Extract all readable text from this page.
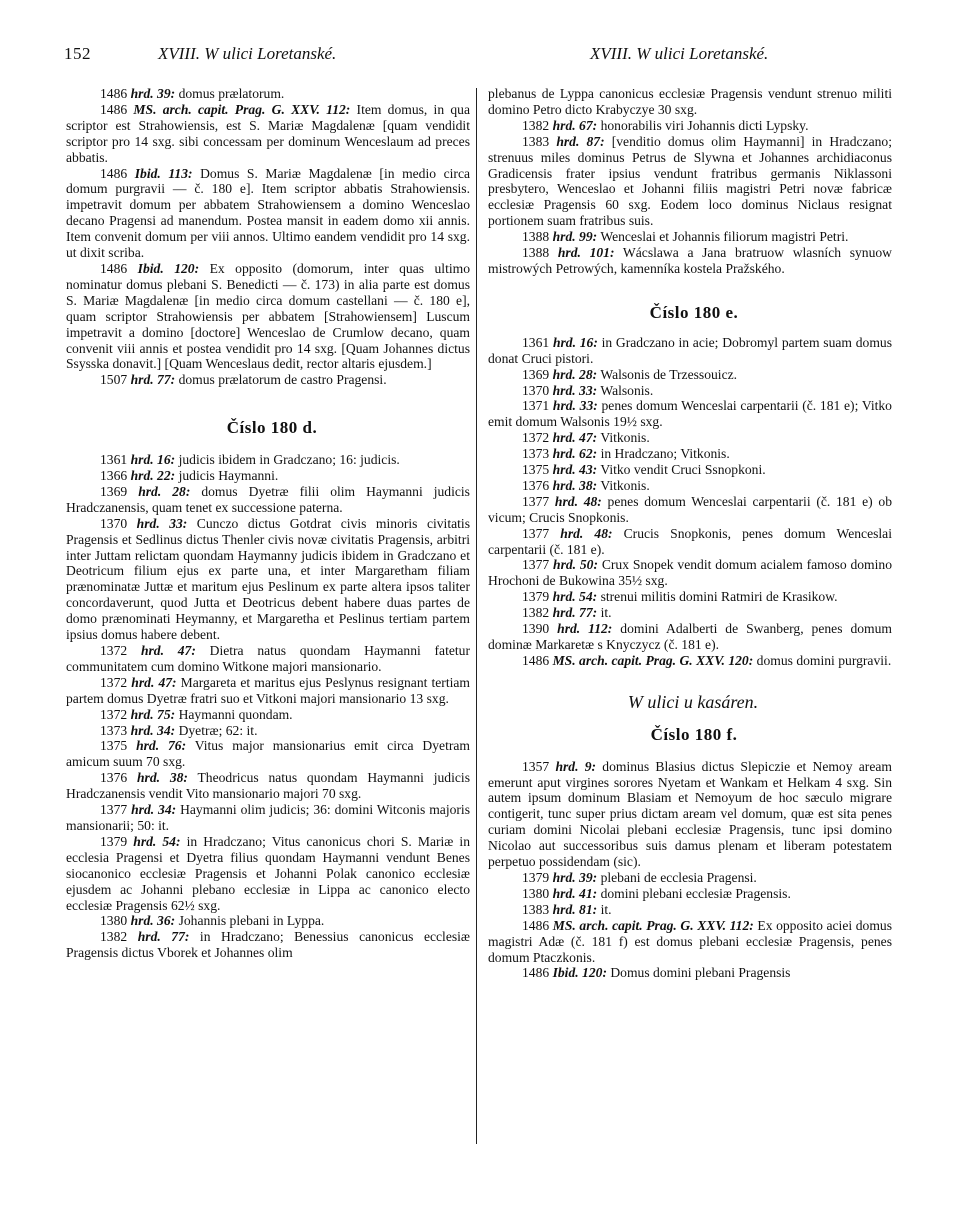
152	XVIII. W ulici Loretanské.	XVIII. W ulici Loretanské.

1486 hrd. 39: domus prælatorum.

1486 MS. arch. capit. Prag. G. XXV. 112: Item domus, in qua scriptor est Strahowiensis, est S. Mariæ Magdalenæ [quam vendidit scriptor pro 14 sxg. sibi concessam per dominum Wenceslaum ad preces abbatis.

1486 Ibid. 113: Domus S. Mariæ Magdalenæ [in medio circa domum purgravii — č. 180 e]. Item scriptor abbatis Strahowiensis. impetravit domum per abbatem Strahowiensem a domino Wenceslao decano Pragensi ad manendum. Postea mansit in eadem domo xii annis. Item convenit domum per viii annos. Ultimo eandem vendidit pro 14 sxg. ut dixit scriba.

1486 Ibid. 120: Ex opposito (domorum, inter quas ultimo nominatur domus plebani S. Benedicti — č. 173) in alia parte est domus S. Mariæ Magdalenæ [in medio circa domum castellani — č. 180 e], quam scriptor Strahowiensis per abbatem [Strahowiensem] Luscum impetravit a domino [doctore] Wenceslao de Crumlow decano, quam convenit viii annis et postea vendidit pro 14 sxg. [Quam Johannes dictus Ssysska donavit.] [Quam Wenceslaus dedit, rector altaris ejusdem.]

1507 hrd. 77: domus prælatorum de castro Pragensi.

Číslo 180 d.

1361 hrd. 16: judicis ibidem in Gradczano; 16: judicis.

1366 hrd. 22: judicis Haymanni.

1369 hrd. 28: domus Dyetræ filii olim Haymanni judicis Hradczanensis, quam tenet ex successione paterna.

1370 hrd. 33: Cunczo dictus Gotdrat civis minoris civitatis Pragensis et Sedlinus dictus Thenler civis novæ civitatis Pragensis, arbitri inter Juttam relictam quondam Haymanny judicis ibidem in Gradczano et Deotricum filium ejus ex parte una, et inter Margaretham filiam prænominatæ Juttæ et maritum ejus Peslinum ex parte altera ipsos taliter concordaverunt, quod Jutta et Deotricus debent habere duas partes de domo prænominati Heymanny, et Margaretha et Peslinus tertiam partem ipsius domus habere debent.

1372 hrd. 47: Dietra natus quondam Haymanni fatetur communitatem cum domino Witkone majori mansionario.

1372 hrd. 47: Margareta et maritus ejus Peslynus resignant tertiam partem domus Dyetræ fratri suo et Vitkoni majori mansionario 13 sxg.

1372 hrd. 75: Haymanni quondam.

1373 hrd. 34: Dyetræ; 62: it.

1375 hrd. 76: Vitus major mansionarius emit circa Dyetram amicum suum 70 sxg.

1376 hrd. 38: Theodricus natus quondam Haymanni judicis Hradczanensis vendit Vito mansionario majori 70 sxg.

1377 hrd. 34: Haymanni olim judicis; 36: domini Witconis majoris mansionarii; 50: it.

1379 hrd. 54: in Hradczano; Vitus canonicus chori S. Mariæ in ecclesia Pragensi et Dyetra filius quondam Haymanni vendunt Benes siocanonico ecclesiæ Pragensis et Johanni Polak canonico ecclesiæ ejusdem ac Johanni plebano ecclesiæ in Lippa ac canonico electo ecclesiæ Pragensis 62½ sxg.

1380 hrd. 36: Johannis plebani in Lyppa.

1382 hrd. 77: in Hradczano; Benessius canonicus ecclesiæ Pragensis dictus Vborek et Johannes olim

plebanus de Lyppa canonicus ecclesiæ Pragensis vendunt strenuo militi domino Petro dicto Krabyczye 30 sxg.

1382 hrd. 67: honorabilis viri Johannis dicti Lypsky.

1383 hrd. 87: [venditio domus olim Haymanni] in Hradczano; strenuus miles dominus Petrus de Slywna et Johannes archidiaconus Gradicensis frater ipsius vendunt fratribus germanis Niklassoni presbytero, Wenceslao et Johanni filiis magistri Petri novæ fabricæ ecclesiæ Pragensis 60 sxg. Eodem loco dominus Niclaus resignat portionem suam fratribus suis.

1388 hrd. 99: Wenceslai et Johannis filiorum magistri Petri.

1388 hrd. 101: Wácslawa a Jana bratruow wlasních synuow mistrowých Petrowých, kamenníka kostela Pražského.

Číslo 180 e.

1361 hrd. 16: in Gradczano in acie; Dobromyl partem suam domus donat Cruci pistori.

1369 hrd. 28: Walsonis de Trzessouicz.

1370 hrd. 33: Walsonis.

1371 hrd. 33: penes domum Wenceslai carpentarii (č. 181 e); Vitko emit domum Walsonis 19½ sxg.

1372 hrd. 47: Vitkonis.

1373 hrd. 62: in Hradczano; Vitkonis.

1375 hrd. 43: Vitko vendit Cruci Ssnopkoni.

1376 hrd. 38: Vitkonis.

1377 hrd. 48: penes domum Wenceslai carpentarii (č. 181 e) ob vicum; Crucis Snopkonis.

1377 hrd. 48: Crucis Snopkonis, penes domum Wenceslai carpentarii (č. 181 e).

1377 hrd. 50: Crux Snopek vendit domum acialem famoso domino Hrochoni de Bukowina 35½ sxg.

1379 hrd. 54: strenui militis domini Ratmiri de Krasikow.

1382 hrd. 77: it.

1390 hrd. 112: domini Adalberti de Swanberg, penes domum dominæ Markaretæ s Knyczycz (č. 181 e).

1486 MS. arch. capit. Prag. G. XXV. 120: domus domini purgravii.

W ulici u kasáren.
Číslo 180 f.

1357 hrd. 9: dominus Blasius dictus Slepiczie et Nemoy aream emerunt aput virgines sorores Nyetam et Wankam et Helkam 4 sxg. Sin autem ipsum dominum Blasiam et Nemoyum de hoc sæculo migrare contigerit, tunc super prius dictam aream vel domum, quæ est sita penes curiam domini Nicolai plebani ecclesiæ Pragensis, tunc ipsi domino Nicolao aut successoribus suis damus plenam et liberam potestatem perpetuo possidendam (sic).

1379 hrd. 39: plebani de ecclesia Pragensi.

1380 hrd. 41: domini plebani ecclesiæ Pragensis.

1383 hrd. 81: it.

1486 MS. arch. capit. Prag. G. XXV. 112: Ex opposito aciei domus magistri Adæ (č. 181 f) est domus plebani ecclesiæ Pragensis, penes domum Ptaczkonis.

1486 Ibid. 120: Domus domini plebani Pragensis
